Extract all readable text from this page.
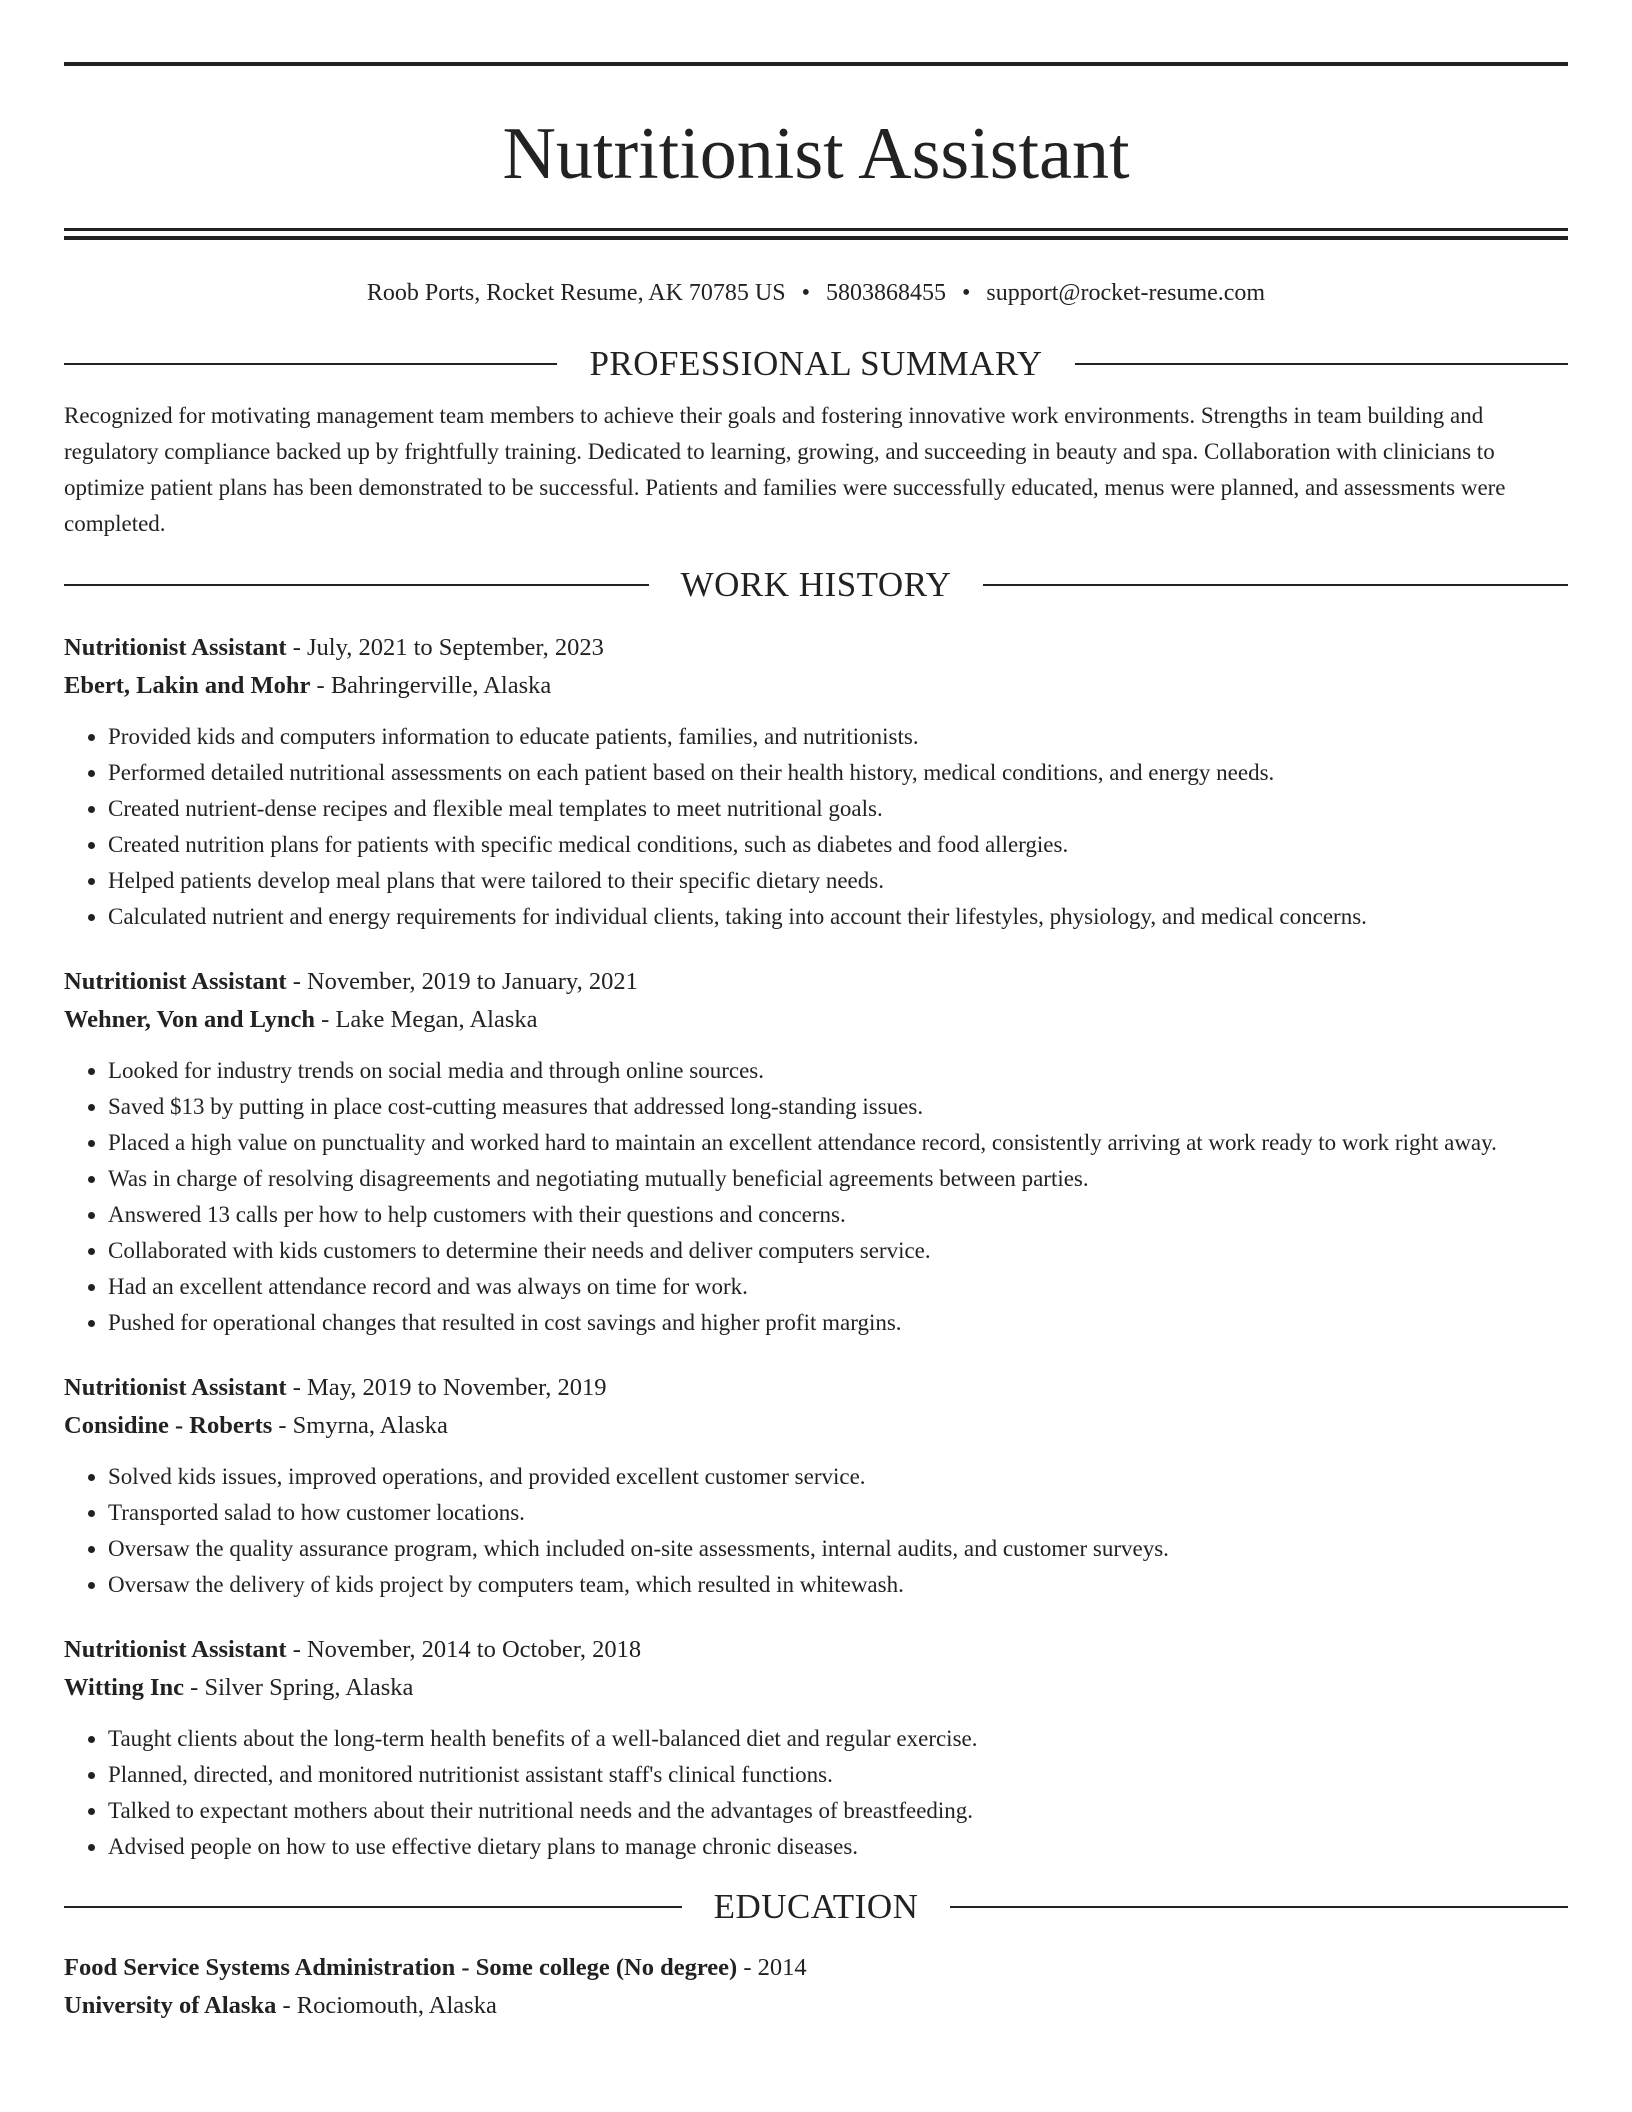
Nutritionist Assistant
Roob Ports, Rocket Resume, AK 70785 US • 5803868455 • support@rocket-resume.com
PROFESSIONAL SUMMARY

Recognized for motivating management team members to achieve their goals and fostering innovative work environments. Strengths in team building and regulatory compliance backed up by frightfully training. Dedicated to learning, growing, and succeeding in beauty and spa. Collaboration with clinicians to optimize patient plans has been demonstrated to be successful. Patients and families were successfully educated, menus were planned, and assessments were completed.

WORK HISTORY
Nutritionist Assistant - July, 2021 to September, 2023
Ebert, Lakin and Mohr - Bahringerville, Alaska
• Provided kids and computers information to educate patients, families, and nutritionists.
• Performed detailed nutritional assessments on each patient based on their health history, medical conditions, and energy needs.
• Created nutrient-dense recipes and flexible meal templates to meet nutritional goals.
• Created nutrition plans for patients with specific medical conditions, such as diabetes and food allergies.
• Helped patients develop meal plans that were tailored to their specific dietary needs.
• Calculated nutrient and energy requirements for individual clients, taking into account their lifestyles, physiology, and medical concerns.
Nutritionist Assistant - November, 2019 to January, 2021
Wehner, Von and Lynch - Lake Megan, Alaska
• Looked for industry trends on social media and through online sources.
• Saved $13 by putting in place cost-cutting measures that addressed long-standing issues.
• Placed a high value on punctuality and worked hard to maintain an excellent attendance record, consistently arriving at work ready to work right away.
• Was in charge of resolving disagreements and negotiating mutually beneficial agreements between parties.
• Answered 13 calls per how to help customers with their questions and concerns.
• Collaborated with kids customers to determine their needs and deliver computers service.
• Had an excellent attendance record and was always on time for work.
• Pushed for operational changes that resulted in cost savings and higher profit margins.
Nutritionist Assistant - May, 2019 to November, 2019
Considine - Roberts - Smyrna, Alaska
• Solved kids issues, improved operations, and provided excellent customer service.
• Transported salad to how customer locations.
• Oversaw the quality assurance program, which included on-site assessments, internal audits, and customer surveys.
• Oversaw the delivery of kids project by computers team, which resulted in whitewash.
Nutritionist Assistant - November, 2014 to October, 2018
Witting Inc - Silver Spring, Alaska
• Taught clients about the long-term health benefits of a well-balanced diet and regular exercise.
• Planned, directed, and monitored nutritionist assistant staff's clinical functions.
• Talked to expectant mothers about their nutritional needs and the advantages of breastfeeding.
• Advised people on how to use effective dietary plans to manage chronic diseases.
EDUCATION
Food Service Systems Administration - Some college (No degree) - 2014
University of Alaska - Rociomouth, Alaska
